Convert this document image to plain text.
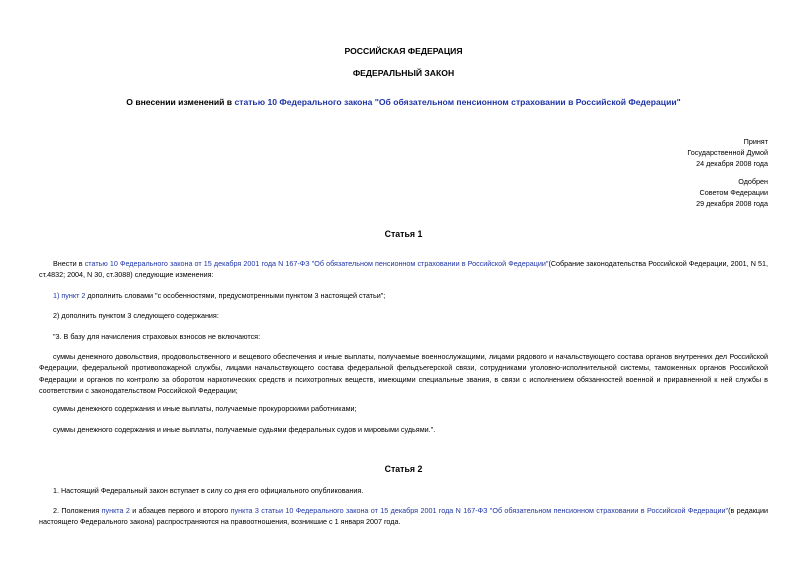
РОССИЙСКАЯ ФЕДЕРАЦИЯ
ФЕДЕРАЛЬНЫЙ ЗАКОН
О внесении изменений в статью 10 Федерального закона "Об обязательном пенсионном страховании в Российской Федерации"
Принят
Государственной Думой
24 декабря 2008 года
Одобрен
Советом Федерации
29 декабря 2008 года
Статья 1
Внести в статью 10 Федерального закона от 15 декабря 2001 года N 167-ФЗ "Об обязательном пенсионном страховании в Российской Федерации"(Собрание законодательства Российской Федерации, 2001, N 51, ст.4832; 2004, N 30, ст.3088) следующие изменения:
1) пункт 2 дополнить словами "с особенностями, предусмотренными пунктом 3 настоящей статьи";
2) дополнить пунктом 3 следующего содержания:
"3. В базу для начисления страховых взносов не включаются:
суммы денежного довольствия, продовольственного и вещевого обеспечения и иные выплаты, получаемые военнослужащими, лицами рядового и начальствующего состава органов внутренних дел Российской Федерации, федеральной противопожарной службы, лицами начальствующего состава федеральной фельдъегерской связи, сотрудниками уголовно-исполнительной системы, таможенных органов Российской Федерации и органов по контролю за оборотом наркотических средств и психотропных веществ, имеющими специальные звания, в связи с исполнением обязанностей военной и приравненной к ней службы в соответствии с законодательством Российской Федерации;
суммы денежного содержания и иные выплаты, получаемые прокурорскими работниками;
суммы денежного содержания и иные выплаты, получаемые судьями федеральных судов и мировыми судьями.".
Статья 2
1. Настоящий Федеральный закон вступает в силу со дня его официального опубликования.
2. Положения пункта 2 и абзацев первого и второго пункта 3 статьи 10 Федерального закона от 15 декабря 2001 года N 167-ФЗ "Об обязательном пенсионном страховании в Российской Федерации"(в редакции настоящего Федерального закона) распространяются на правоотношения, возникшие с 1 января 2007 года.
